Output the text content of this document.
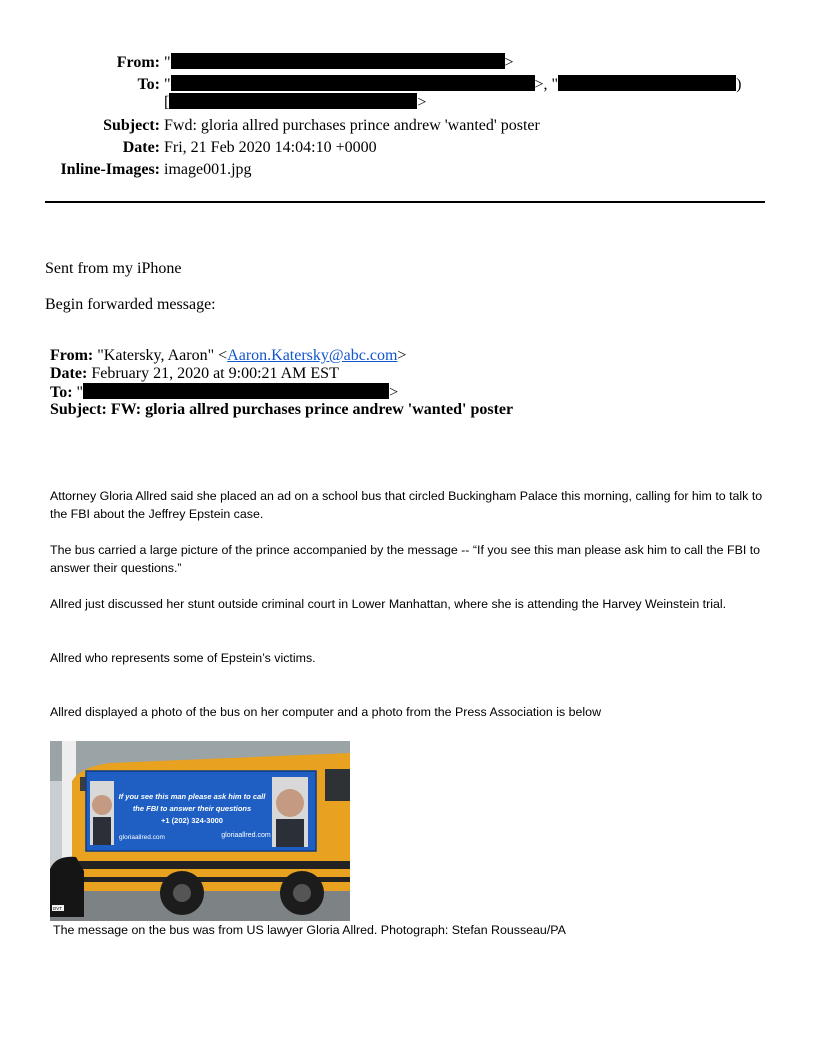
From: "	>
To: "	>, "	)
[	>
Subject: Fwd: gloria allred purchases prince andrew 'wanted' poster
Date: Fri, 21 Feb 2020 14:04:10 +0000
Inline-Images: image001.jpg
Sent from my iPhone
Begin forwarded message:
From: "Katersky, Aaron" <Aaron.Katersky@abc.com>
Date: February 21, 2020 at 9:00:21 AM EST
To: "	>
Subject: FW: gloria allred purchases prince andrew 'wanted' poster
Attorney Gloria Allred said she placed an ad on a school bus that circled Buckingham Palace this morning, calling for him to talk to the FBI about the Jeffrey Epstein case.
The bus carried a large picture of the prince accompanied by the message -- “If you see this man please ask him to call the FBI to answer their questions.”
Allred just discussed her stunt outside criminal court in Lower Manhattan, where she is attending the Harvey Weinstein trial.
Allred who represents some of Epstein’s victims.
Allred displayed a photo of the bus on her computer and a photo from the Press Association is below
If you see this man please ask him to call
the FBI to answer their questions
+1 (202) 324-3000
gloriaallred.com	gloriaallred.com
DVT
The message on the bus was from US lawyer Gloria Allred. Photograph: Stefan Rousseau/PA
